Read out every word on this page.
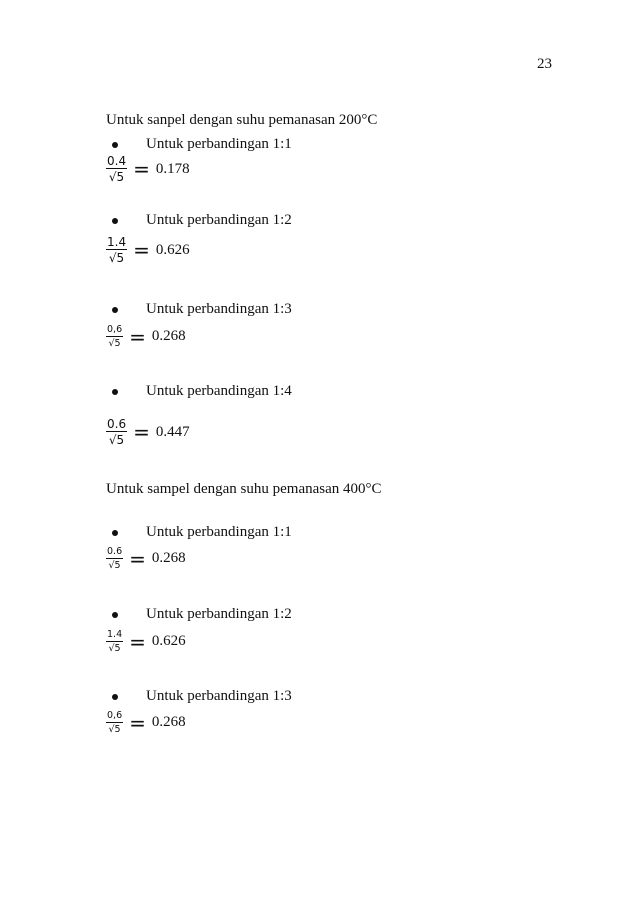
23
Untuk sanpel dengan suhu pemanasan 200°C
Untuk perbandingan 1:1
$\frac{0.4}{√5} = 0.178$
Untuk perbandingan 1:2
$\frac{1.4}{√5} = 0.626$
Untuk perbandingan 1:3
$\frac{0,6}{√5} = 0.268$
Untuk perbandingan 1:4
$\frac{0.6}{√5} = 0.447$
Untuk sampel dengan suhu pemanasan 400°C
Untuk perbandingan 1:1
$\frac{0.6}{√5} = 0.268$
Untuk perbandingan 1:2
$\frac{1.4}{√5} = 0.626$
Untuk perbandingan 1:3
$\frac{0,6}{√5} = 0.268$
